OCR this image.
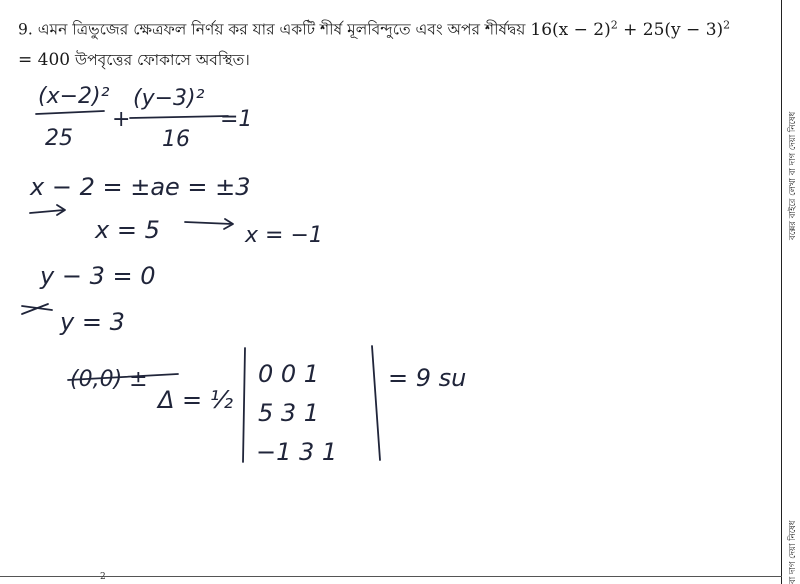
9. এমন ত্রিভুজের ক্ষেত্রফল নির্ণয় কর যার একটি শীর্ষ মূলবিন্দুতে এবং অপর শীর্ষদ্বয় $16(x - 2)^2 + 25(y - 3)^2$
= 400 উপবৃত্তের ফোকাসে অবস্থিত।
(x−2)²
25
+
(y−3)²
16
=1
x − 2 = ±ae = ±3
x = 5	x = −1
y − 3 = 0
y = 3
(0,0) ±
Δ = ½
0 0 1
5 3 1
−1 3 1
= 9 su
বক্সের বাইরে লেখা বা দাগ দেয়া নিষেধ
বা দাগ দেয়া নিষেধ
2
